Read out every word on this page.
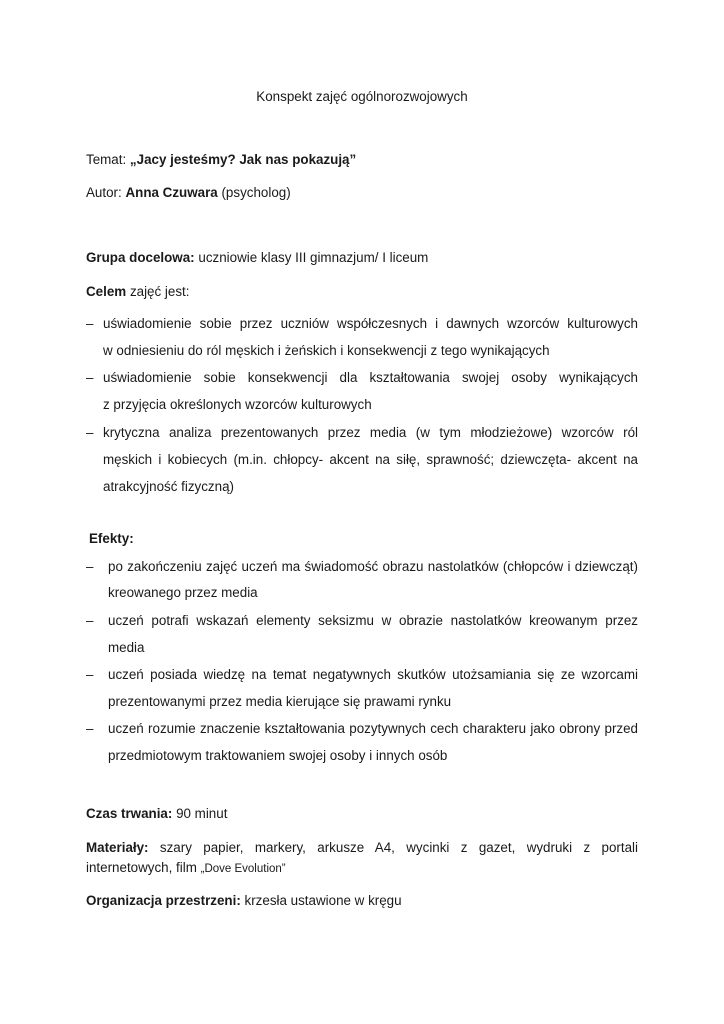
Konspekt zajęć ogólnorozwojowych
Temat: „Jacy jesteśmy? Jak nas pokazują”
Autor: Anna Czuwara (psycholog)
Grupa docelowa: uczniowie klasy III gimnazjum/ I liceum
Celem zajęć jest:
– uświadomienie sobie przez uczniów współczesnych i dawnych wzorców kulturowych
w odniesieniu do ról męskich i żeńskich i konsekwencji z tego wynikających
– uświadomienie sobie konsekwencji dla kształtowania swojej osoby wynikających
z przyjęcia określonych wzorców kulturowych
– krytyczna analiza prezentowanych przez media (w tym młodzieżowe) wzorców ról
męskich i kobiecych (m.in. chłopcy- akcent na siłę, sprawność; dziewczęta- akcent na
atrakcyjność fizyczną)
Efekty:
–	po zakończeniu zajęć uczeń ma świadomość obrazu nastolatków (chłopców i dziewcząt)
kreowanego przez media
–	uczeń potrafi wskazań elementy seksizmu w obrazie nastolatków kreowanym przez
media
–	uczeń posiada wiedzę na temat negatywnych skutków utożsamiania się ze wzorcami
prezentowanymi przez media kierujące się prawami rynku
–	uczeń rozumie znaczenie kształtowania pozytywnych cech charakteru jako obrony przed
przedmiotowym traktowaniem swojej osoby i innych osób
Czas trwania: 90 minut
Materiały: szary papier, markery, arkusze A4, wycinki z gazet, wydruki z portali
internetowych, film „Dove Evolution”
Organizacja przestrzeni: krzesła ustawione w kręgu
